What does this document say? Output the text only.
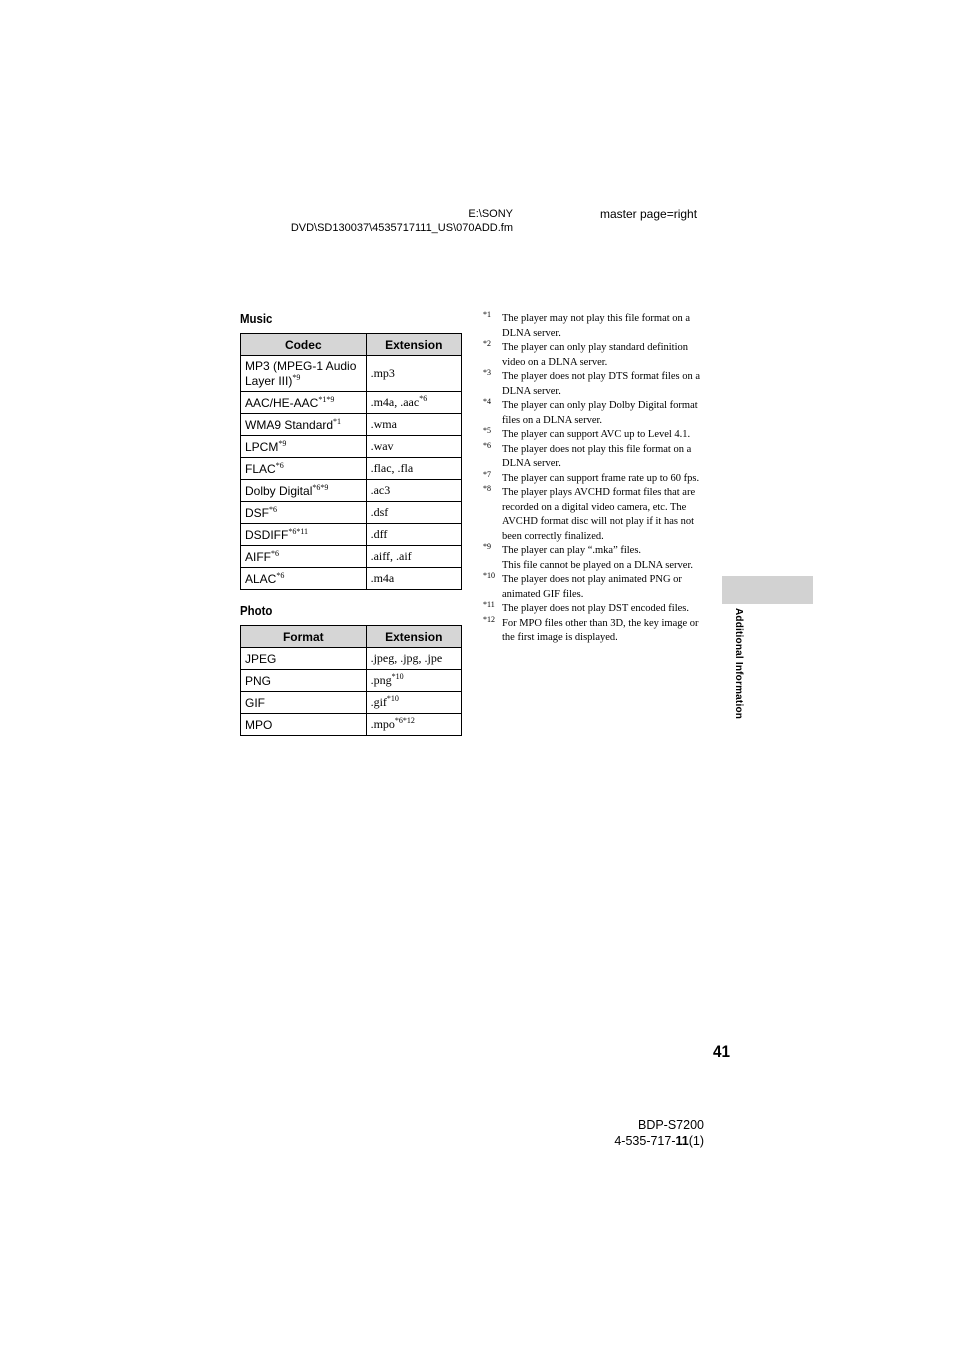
E:\SONY
DVD\SD130037\4535717111_US\070ADD.fm
master page=right
Music
Codec	Extension
MP3 (MPEG-1 Audio Layer III)$^{*9}$	.mp3
AAC/$HE-AAC^{*1*9}$	.m4a, .aac$^{*6}$
WMA9 Standard$^{*1}$	.wma
LPCM$^{*9}$	.wav
FLAC$^{*6}$	.flac, .fla
Dolby Digital$^{*6*9}$	.ac3
DSF$^{*6}$	.dsf
$DSDIFF^{*6*11}$	.dff
AIFF$^{*6}$	.aiff, .aif
ALAC$^{*6}$	.m4a
Photo
Format	Extension
JPEG	.jpeg, .jpg, .jpe
PNG	.png$^{*10}$
GIF	.gif$^{*10}$
MPO	.mpo$^{*6*12}$
*1 The player may not play this file format on a DLNA server.
*2 The player can only play standard definition video on a DLNA server.
*3 The player does not play DTS format files on a DLNA server.
*4 The player can only play Dolby Digital format files on a DLNA server.
*5 The player can support AVC up to Level 4.1.
*6 The player does not play this file format on a DLNA server.
*7 The player can support frame rate up to 60 fps.
*8 The player plays AVCHD format files that are recorded on a digital video camera, etc. The AVCHD format disc will not play if it has not been correctly finalized.
*9 The player can play “.mka” files.
This file cannot be played on a DLNA server.
*10 The player does not play animated PNG or animated GIF files.
*11 The player does not play DST encoded files.
*12 For MPO files other than 3D, the key image or the first image is displayed.	Additional Information
41
BDP-S7200
4-535-717-11(1)
